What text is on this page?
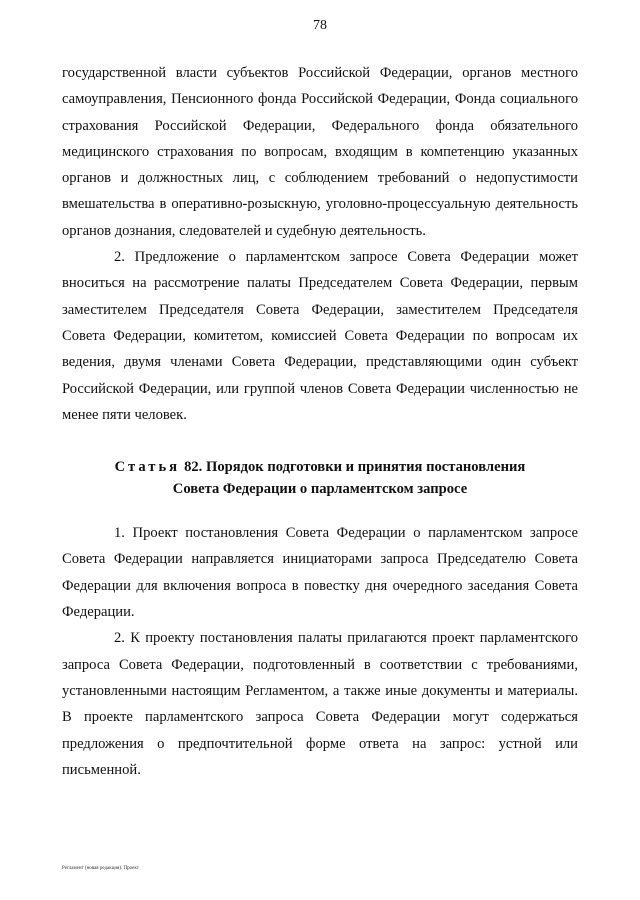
78

государственной власти субъектов Российской Федерации, органов местного самоуправления, Пенсионного фонда Российской Федерации, Фонда социального страхования Российской Федерации, Федерального фонда обязательного медицинского страхования по вопросам, входящим в компетенцию указанных органов и должностных лиц, с соблюдением требований о недопустимости вмешательства в оперативно-розыскную, уголовно-процессуальную деятельность органов дознания, следователей и судебную деятельность.

2. Предложение о парламентском запросе Совета Федерации может вноситься на рассмотрение палаты Председателем Совета Федерации, первым заместителем Председателя Совета Федерации, заместителем Председателя Совета Федерации, комитетом, комиссией Совета Федерации по вопросам их ведения, двумя членами Совета Федерации, представляющими один субъект Российской Федерации, или группой членов Совета Федерации численностью не менее пяти человек.

Статья 82. Порядок подготовки и принятия постановления
Совета Федерации о парламентском запросе

1. Проект постановления Совета Федерации о парламентском запросе Совета Федерации направляется инициаторами запроса Председателю Совета Федерации для включения вопроса в повестку дня очередного заседания Совета Федерации.

2. К проекту постановления палаты прилагаются проект парламентского запроса Совета Федерации, подготовленный в соответствии с требованиями, установленными настоящим Регламентом, а также иные документы и материалы. В проекте парламентского запроса Совета Федерации могут содержаться предложения о предпочтительной форме ответа на запрос: устной или письменной.

Регламент (новая редакция). Проект
